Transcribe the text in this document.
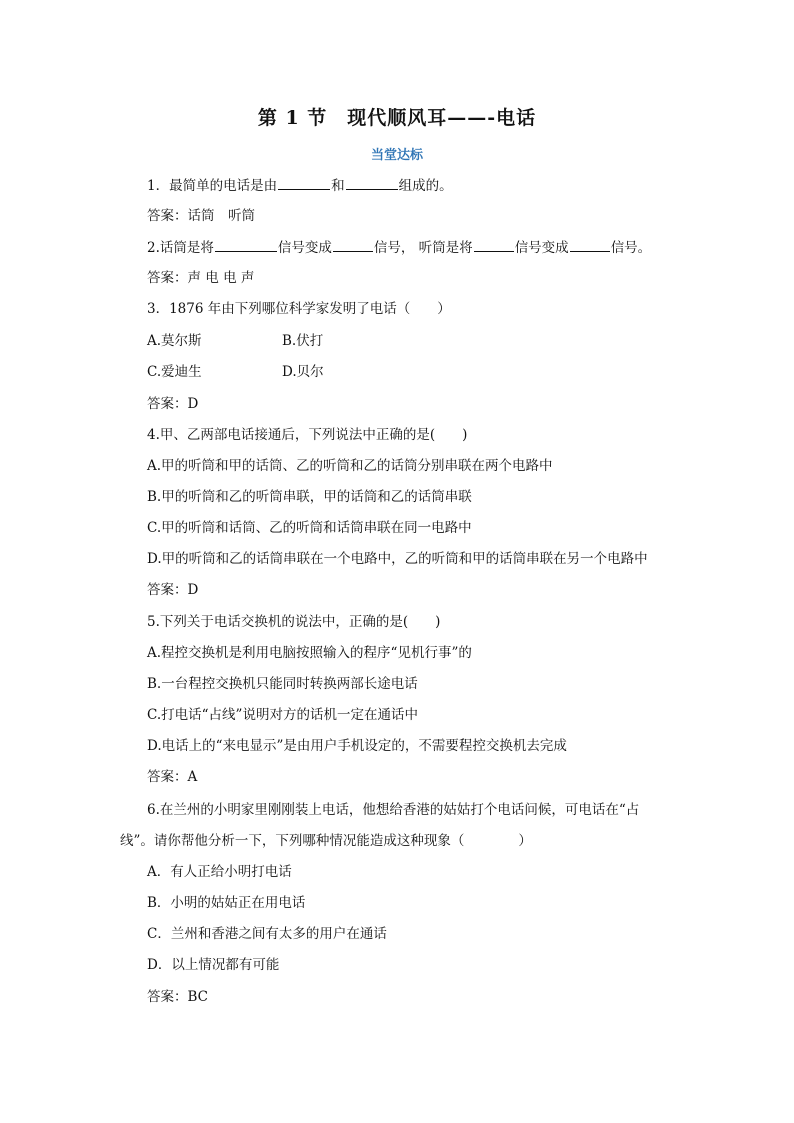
第 1 节　现代顺风耳——-电话
当堂达标
1．最简单的电话是由	和	组成的。
答案：话筒　听筒
2.话筒是将	信号变成	信号， 听筒是将	信号变成	信号。
答案：声 电 电 声
3．1876 年由下列哪位科学家发明了电话（　　）
A.莫尔斯	B.伏打
C.爱迪生	D.贝尔
答案：D
4.甲、乙两部电话接通后，下列说法中正确的是(　　)
A.甲的听筒和甲的话筒、乙的听筒和乙的话筒分别串联在两个电路中
B.甲的听筒和乙的听筒串联，甲的话筒和乙的话筒串联
C.甲的听筒和话筒、乙的听筒和话筒串联在同一电路中
D.甲的听筒和乙的话筒串联在一个电路中，乙的听筒和甲的话筒串联在另一个电路中
答案：D
5.下列关于电话交换机的说法中，正确的是(　　)
A.程控交换机是利用电脑按照输入的程序“见机行事”的
B.一台程控交换机只能同时转换两部长途电话
C.打电话“占线”说明对方的话机一定在通话中
D.电话上的“来电显示”是由用户手机设定的，不需要程控交换机去完成
答案：A
6.在兰州的小明家里刚刚装上电话，他想给香港的姑姑打个电话问候，可电话在“占
线”。请你帮他分析一下，下列哪种情况能造成这种现象（　　　　）
A．有人正给小明打电话
B．小明的姑姑正在用电话
C．兰州和香港之间有太多的用户在通话
D．以上情况都有可能
答案：BC
